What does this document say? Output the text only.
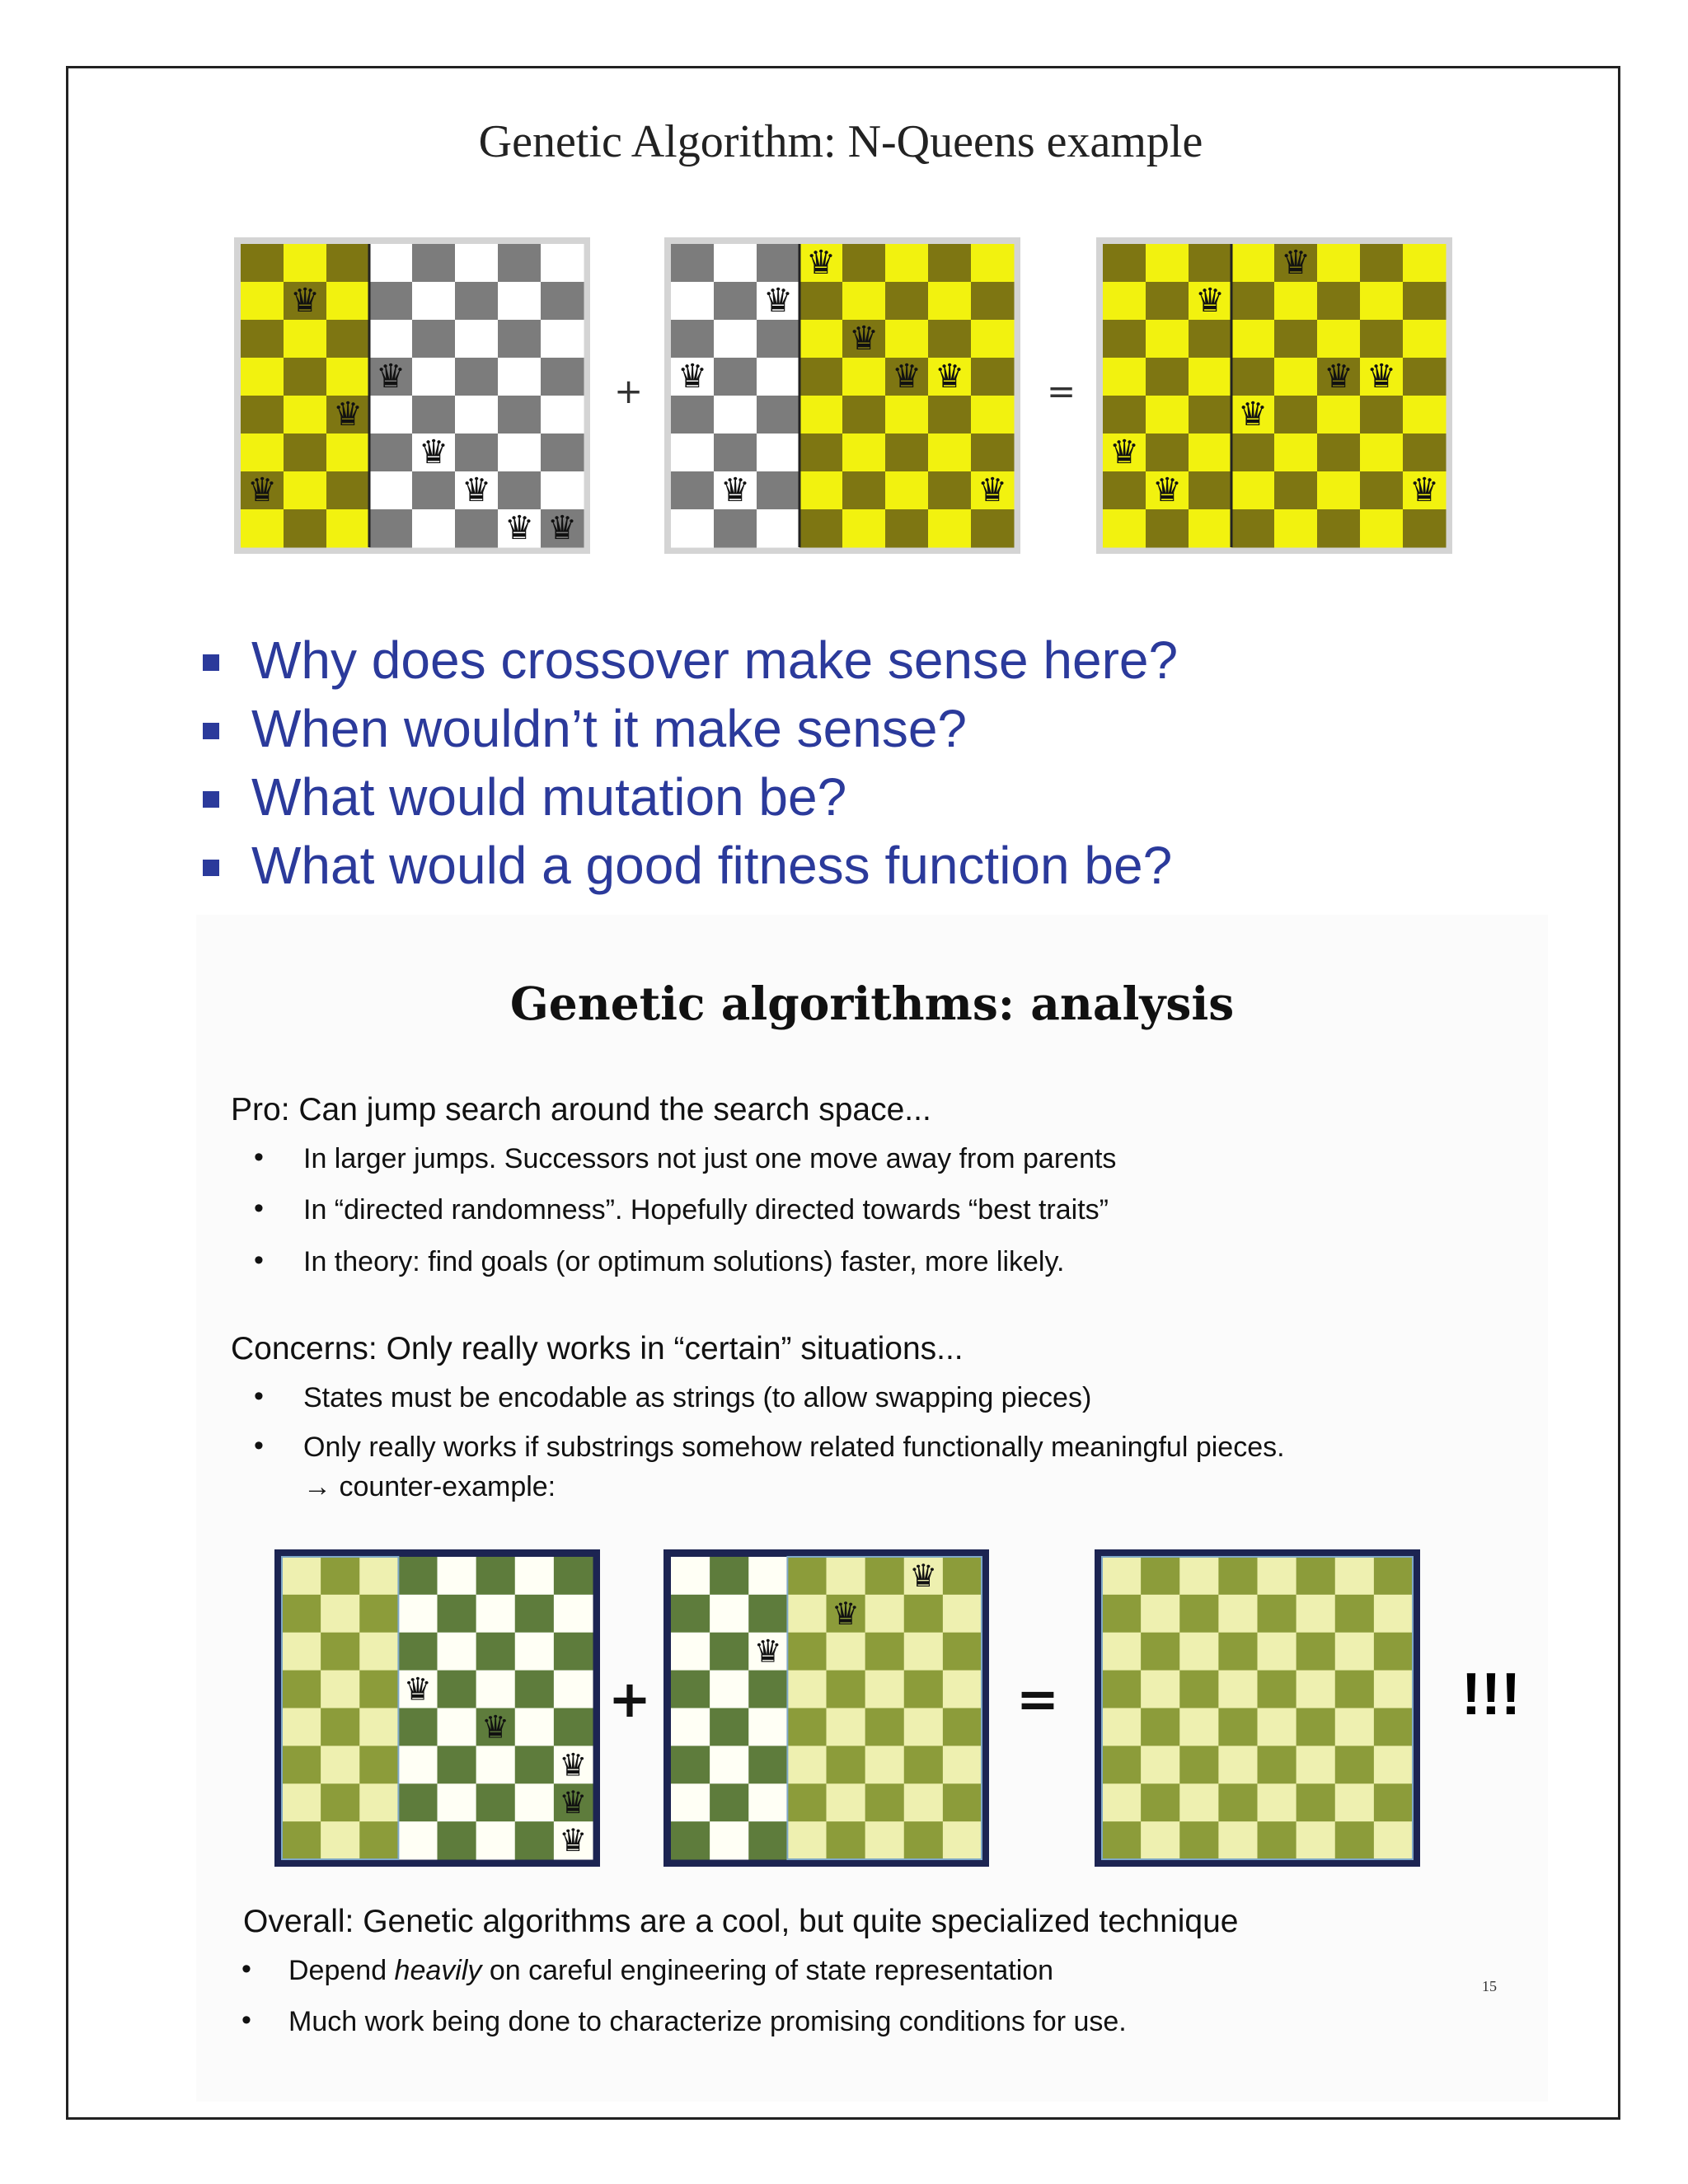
Genetic Algorithm: N-Queens example
♛
♛
♛
♛
♛
♛
♛ ♛
+ ♛
♛
♛
♛
♛
♛ ♛
♛
=
♛
♛
♛
♛
♛
♛ ♛
♛
Why does crossover make sense here?
When wouldn’t it make sense?
What would mutation be?
What would a good fitness function be?
Genetic algorithms: analysis
Pro: Can jump search around the search space...
• In larger jumps. Successors not just one move away from parents
• In “directed randomness”. Hopefully directed towards “best traits”
• In theory: find goals (or optimum solutions) faster, more likely.
Concerns: Only really works in “certain” situations...
• States must be encodable as strings (to allow swapping pieces)
• Only really works if substrings somehow related functionally meaningful pieces.
→ counter-example:
♛
♛
♛
♛
♛
+
♛
♛
♛
=	!!!
Overall: Genetic algorithms are a cool, but quite specialized technique
• Depend heavily on careful engineering of state representation
• Much work being done to characterize promising conditions for use.
15
